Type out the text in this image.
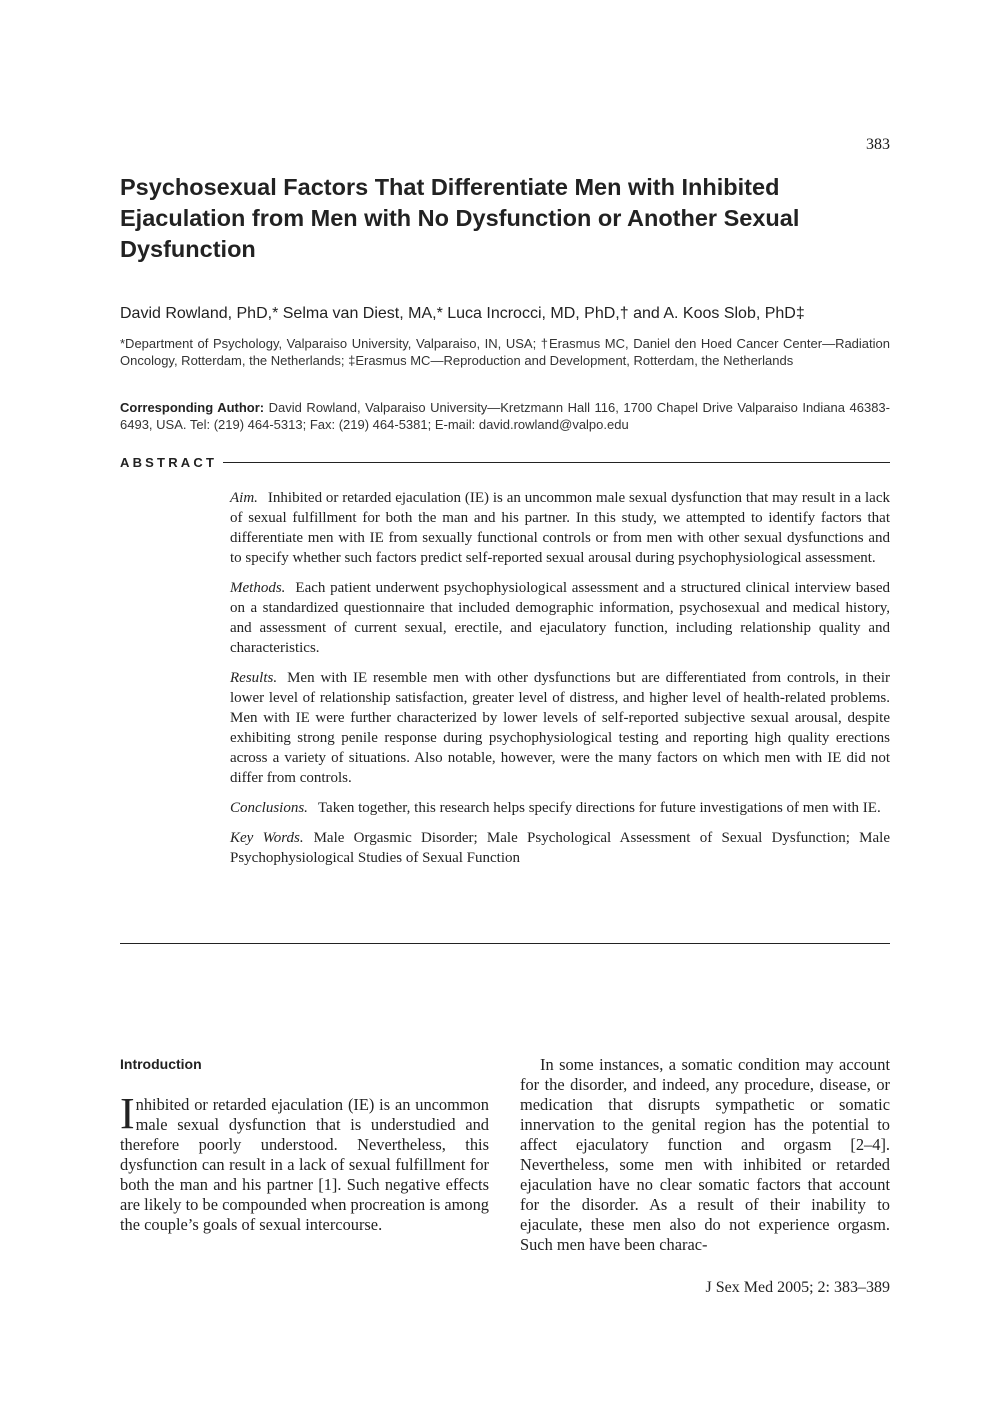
383
Psychosexual Factors That Differentiate Men with Inhibited Ejaculation from Men with No Dysfunction or Another Sexual Dysfunction
David Rowland, PhD,* Selma van Diest, MA,* Luca Incrocci, MD, PhD,† and A. Koos Slob, PhD‡
*Department of Psychology, Valparaiso University, Valparaiso, IN, USA; †Erasmus MC, Daniel den Hoed Cancer Center—Radiation Oncology, Rotterdam, the Netherlands; ‡Erasmus MC—Reproduction and Development, Rotterdam, the Netherlands
Corresponding Author: David Rowland, Valparaiso University—Kretzmann Hall 116, 1700 Chapel Drive Valparaiso Indiana 46383-6493, USA. Tel: (219) 464-5313; Fax: (219) 464-5381; E-mail: david.rowland@valpo.edu
ABSTRACT

Aim. Inhibited or retarded ejaculation (IE) is an uncommon male sexual dysfunction that may result in a lack of sexual fulfillment for both the man and his partner. In this study, we attempted to identify factors that differentiate men with IE from sexually functional controls or from men with other sexual dysfunctions and to specify whether such factors predict self-reported sexual arousal during psychophysiological assessment.

Methods. Each patient underwent psychophysiological assessment and a structured clinical interview based on a standardized questionnaire that included demographic information, psychosexual and medical history, and assessment of current sexual, erectile, and ejaculatory function, including relationship quality and characteristics.

Results. Men with IE resemble men with other dysfunctions but are differentiated from controls, in their lower level of relationship satisfaction, greater level of distress, and higher level of health-related problems. Men with IE were further characterized by lower levels of self-reported subjective sexual arousal, despite exhibiting strong penile response during psychophysiological testing and reporting high quality erections across a variety of situations. Also notable, however, were the many factors on which men with IE did not differ from controls.

Conclusions. Taken together, this research helps specify directions for future investigations of men with IE.

Key Words. Male Orgasmic Disorder; Male Psychological Assessment of Sexual Dysfunction; Male Psychophysiological Studies of Sexual Function

Introduction

Inhibited or retarded ejaculation (IE) is an uncommon male sexual dysfunction that is understudied and therefore poorly understood. Nevertheless, this dysfunction can result in a lack of sexual fulfillment for both the man and his partner [1]. Such negative effects are likely to be compounded when procreation is among the couple’s goals of sexual intercourse.

In some instances, a somatic condition may account for the disorder, and indeed, any procedure, disease, or medication that disrupts sympathetic or somatic innervation to the genital region has the potential to affect ejaculatory function and orgasm [2–4]. Nevertheless, some men with inhibited or retarded ejaculation have no clear somatic factors that account for the disorder. As a result of their inability to ejaculate, these men also do not experience orgasm. Such men have been charac-

J Sex Med 2005; 2: 383–389
